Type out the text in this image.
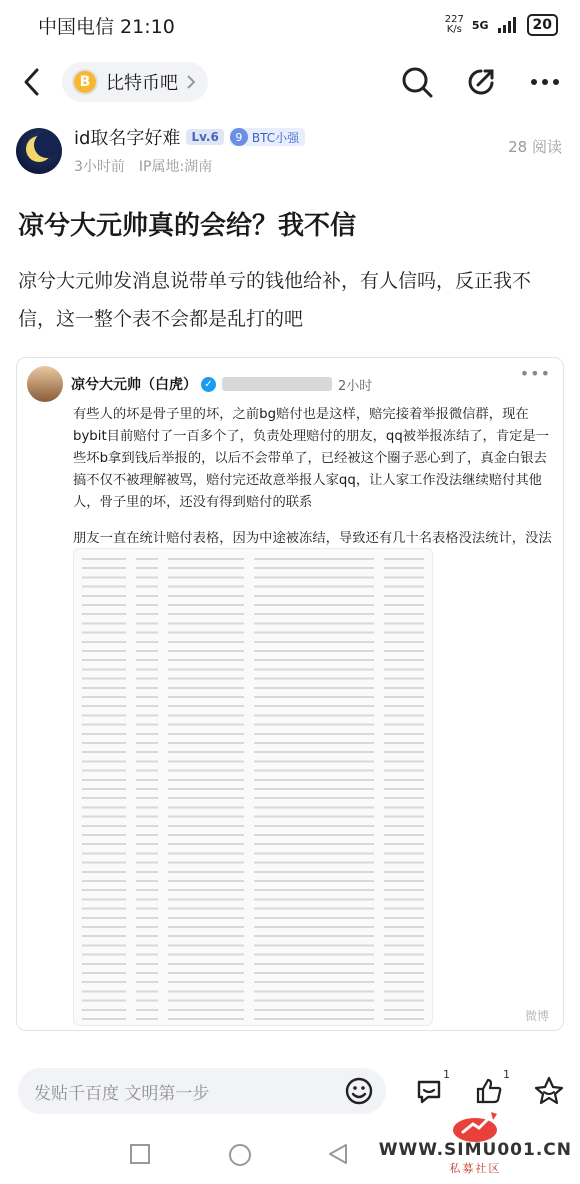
中国电信 21:10	227
K/s 5G	20
B 比特币吧
id取名字好难 Lv.6	9 BTC小强
3小时前 IP属地:湖南
28 阅读
凉兮大元帅真的会给？我不信

凉兮大元帅发消息说带单亏的钱他给补，有人信吗，反正我不信，这一整个表不会都是乱打的吧

凉兮大元帅（白虎） ✓	2小时
•••

有些人的坏是骨子里的坏，之前bg赔付也是这样，赔完接着举报微信群，现在bybit目前赔付了一百多个了，负责处理赔付的朋友，qq被举报冻结了，肯定是一些坏b拿到钱后举报的，以后不会带单了，已经被这个圈子恶心到了，真金白银去搞不仅不被理解被骂，赔付完还故意举报人家qq，让人家工作没法继续赔付其他人，骨子里的坏，还没有得到赔付的联系

朋友一直在统计赔付表格，因为中途被冻结，导致还有几十名表格没法统计，没法

微博
发贴千百度 文明第一步
1	1
WWW.SIMU001.CN
私募社区
